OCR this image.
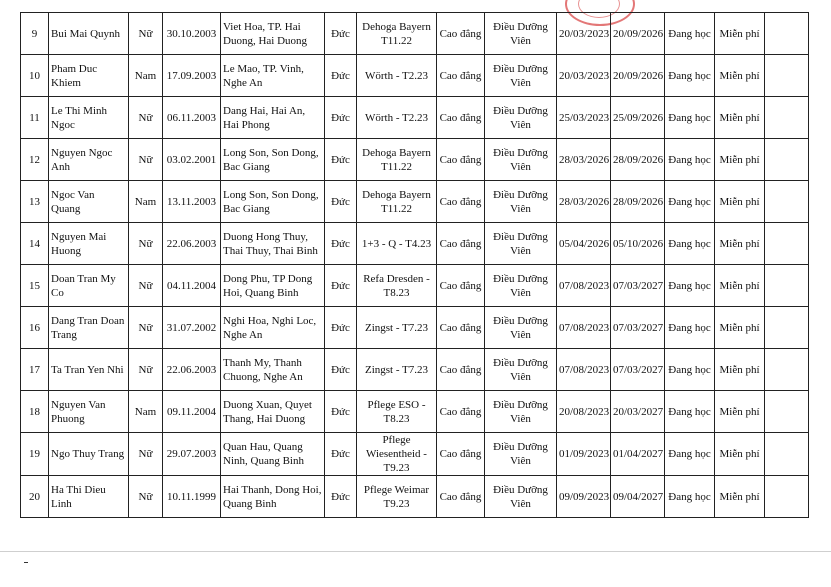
9	Bui Mai Quynh	Nữ	30.10.2003	Viet Hoa, TP. Hai Duong, Hai Duong	Đức	Dehoga Bayern T11.22	Cao đẳng	Điều Dưỡng Viên	20/03/2023	20/09/2026	Đang học	Miễn phí	
10	Pham Duc Khiem	Nam	17.09.2003	Le Mao, TP. Vinh, Nghe An	Đức	Wörth - T2.23	Cao đẳng	Điều Dưỡng Viên	20/03/2023	20/09/2026	Đang học	Miễn phí	
11	Le Thi Minh Ngoc	Nữ	06.11.2003	Dang Hai, Hai An, Hai Phong	Đức	Wörth - T2.23	Cao đẳng	Điều Dưỡng Viên	25/03/2023	25/09/2026	Đang học	Miễn phí	
12	Nguyen Ngoc Anh	Nữ	03.02.2001	Long Son, Son Dong, Bac Giang	Đức	Dehoga Bayern T11.22	Cao đẳng	Điều Dưỡng Viên	28/03/2026	28/09/2026	Đang học	Miễn phí	
13	Ngoc Van Quang	Nam	13.11.2003	Long Son, Son Dong, Bac Giang	Đức	Dehoga Bayern T11.22	Cao đẳng	Điều Dưỡng Viên	28/03/2026	28/09/2026	Đang học	Miễn phí	
14	Nguyen Mai Huong	Nữ	22.06.2003	Duong Hong Thuy, Thai Thuy, Thai Binh	Đức	1+3 - Q - T4.23	Cao đẳng	Điều Dưỡng Viên	05/04/2026	05/10/2026	Đang học	Miễn phí	
15	Doan Tran My Co	Nữ	04.11.2004	Dong Phu, TP Dong Hoi, Quang Binh	Đức	Refa Dresden - T8.23	Cao đẳng	Điều Dưỡng Viên	07/08/2023	07/03/2027	Đang học	Miễn phí	
16	Dang Tran Doan Trang	Nữ	31.07.2002	Nghi Hoa, Nghi Loc, Nghe An	Đức	Zingst - T7.23	Cao đẳng	Điều Dưỡng Viên	07/08/2023	07/03/2027	Đang học	Miễn phí	
17	Ta Tran Yen Nhi	Nữ	22.06.2003	Thanh My, Thanh Chuong, Nghe An	Đức	Zingst - T7.23	Cao đẳng	Điều Dưỡng Viên	07/08/2023	07/03/2027	Đang học	Miễn phí	
18	Nguyen Van Phuong	Nam	09.11.2004	Duong Xuan, Quyet Thang, Hai Duong	Đức	Pflege ESO - T8.23	Cao đẳng	Điều Dưỡng Viên	20/08/2023	20/03/2027	Đang học	Miễn phí	
19	Ngo Thuy Trang	Nữ	29.07.2003	Quan Hau, Quang Ninh, Quang Binh	Đức	Pflege Wiesentheid - T9.23	Cao đẳng	Điều Dưỡng Viên	01/09/2023	01/04/2027	Đang học	Miễn phí	
20	Ha Thi Dieu Linh	Nữ	10.11.1999	Hai Thanh, Dong Hoi, Quang Binh	Đức	Pflege Weimar T9.23	Cao đẳng	Điều Dưỡng Viên	09/09/2023	09/04/2027	Đang học	Miễn phí	
